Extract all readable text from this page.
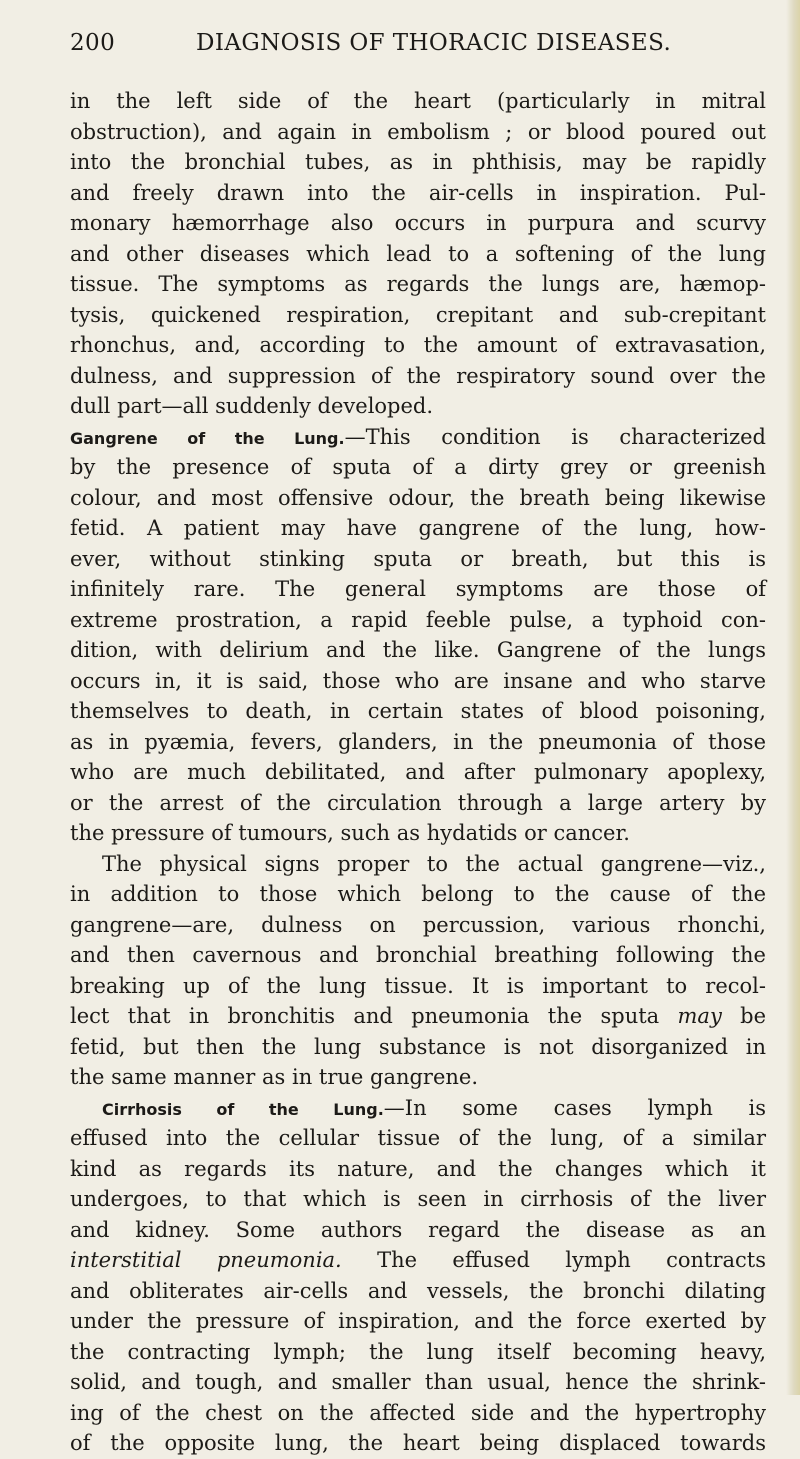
200	DIAGNOSIS OF THORACIC DISEASES.
in the left side of the heart (particularly in mitral
obstruction), and again in embolism ; or blood poured out
into the bronchial tubes, as in phthisis, may be rapidly
and freely drawn into the air-cells in inspiration. Pul-
monary hæmorrhage also occurs in purpura and scurvy
and other diseases which lead to a softening of the lung
tissue. The symptoms as regards the lungs are, hæmop-
tysis, quickened respiration, crepitant and sub-crepitant
rhonchus, and, according to the amount of extravasation,
dulness, and suppression of the respiratory sound over the
dull part—all suddenly developed.
Gangrene of the Lung.—This condition is characterized
by the presence of sputa of a dirty grey or greenish
colour, and most offensive odour, the breath being likewise
fetid. A patient may have gangrene of the lung, how-
ever, without stinking sputa or breath, but this is
infinitely rare. The general symptoms are those of
extreme prostration, a rapid feeble pulse, a typhoid con-
dition, with delirium and the like. Gangrene of the lungs
occurs in, it is said, those who are insane and who starve
themselves to death, in certain states of blood poisoning,
as in pyæmia, fevers, glanders, in the pneumonia of those
who are much debilitated, and after pulmonary apoplexy,
or the arrest of the circulation through a large artery by
the pressure of tumours, such as hydatids or cancer.
The physical signs proper to the actual gangrene—viz.,
in addition to those which belong to the cause of the
gangrene—are, dulness on percussion, various rhonchi,
and then cavernous and bronchial breathing following the
breaking up of the lung tissue. It is important to recol-
lect that in bronchitis and pneumonia the sputa may be
fetid, but then the lung substance is not disorganized in
the same manner as in true gangrene.
Cirrhosis of the Lung.—In some cases lymph is
effused into the cellular tissue of the lung, of a similar
kind as regards its nature, and the changes which it
undergoes, to that which is seen in cirrhosis of the liver
and kidney. Some authors regard the disease as an
interstitial pneumonia. The effused lymph contracts
and obliterates air-cells and vessels, the bronchi dilating
under the pressure of inspiration, and the force exerted by
the contracting lymph; the lung itself becoming heavy,
solid, and tough, and smaller than usual, hence the shrink-
ing of the chest on the affected side and the hypertrophy
of the opposite lung, the heart being displaced towards
